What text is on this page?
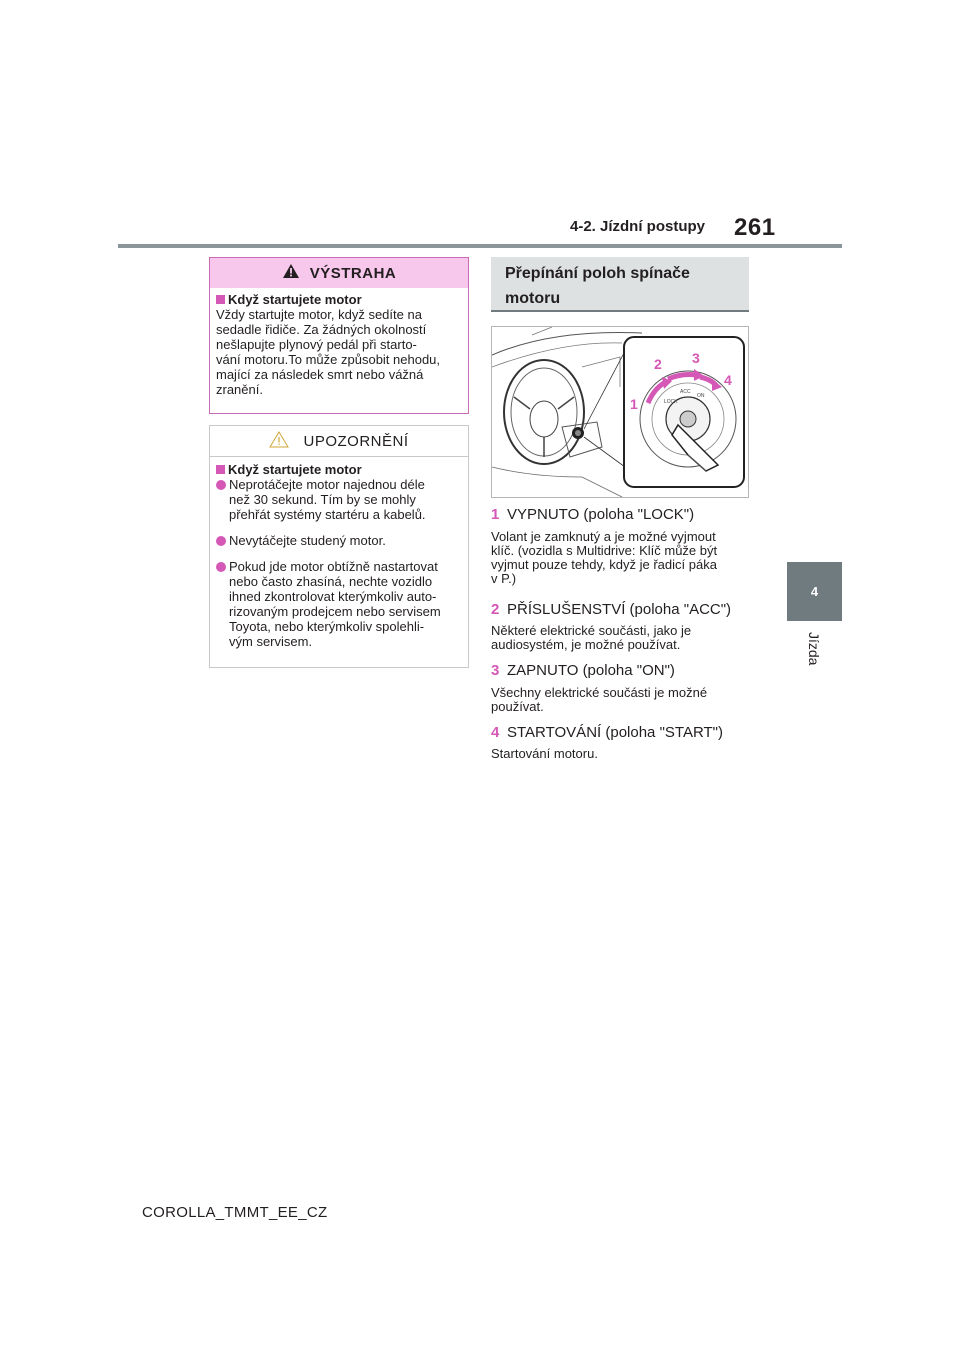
4-2. Jízdní postupy 261
4
Jízda
VÝSTRAHA
Když startujete motor
Vždy startujte motor, když sedíte na
sedadle řidiče. Za žádných okolností
nešlapujte plynový pedál při starto-
vání motoru.To může způsobit nehodu,
mající za následek smrt nebo vážná
zranění.
UPOZORNĚNÍ
Když startujete motor
Neprotáčejte motor najednou déle
než 30 sekund. Tím by se mohly
přehřát systémy startéru a kabelů.
Nevytáčejte studený motor.
Pokud jde motor obtížně nastartovat
nebo často zhasíná, nechte vozidlo
ihned zkontrolovat kterýmkoliv auto-
rizovaným prodejcem nebo servisem
Toyota, nebo kterýmkoliv spolehli-
vým servisem.
Přepínání poloh spínače
motoru
LOCK
ACC
ON
1
2 3
4
1 VYPNUTO (poloha "LOCK")
Volant je zamknutý a je možné vyjmout
klíč. (vozidla s Multidrive: Klíč může být
vyjmut pouze tehdy, když je řadicí páka
v P.)
2 PŘÍSLUŠENSTVÍ (poloha "ACC")
Některé elektrické součásti, jako je
audiosystém, je možné používat.
3 ZAPNUTO (poloha "ON")
Všechny elektrické součásti je možné
používat.
4 STARTOVÁNÍ (poloha "START")
Startování motoru.
COROLLA_TMMT_EE_CZ
